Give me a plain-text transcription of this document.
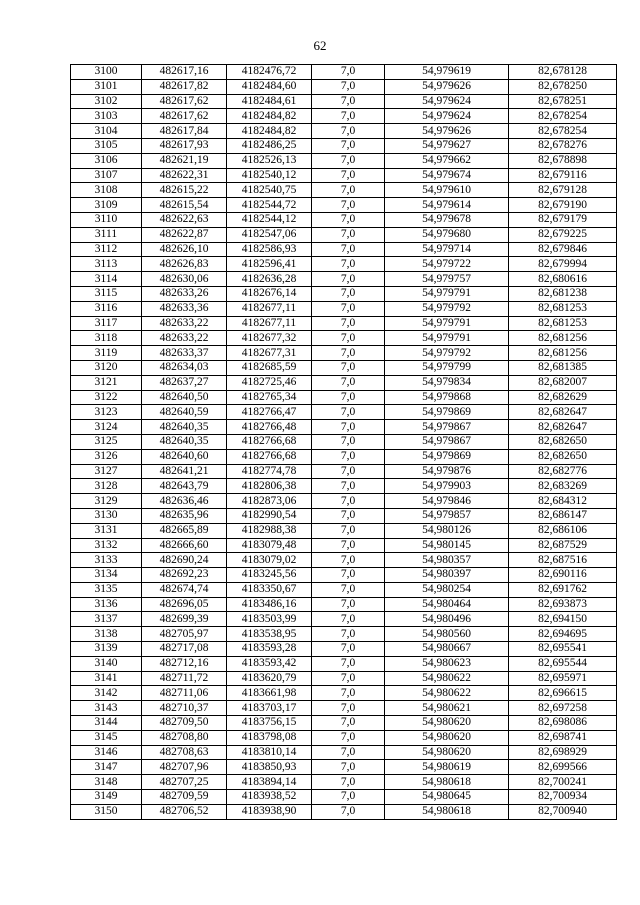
62
3100	482617,16	4182476,72	7,0	54,979619	82,678128
3101	482617,82	4182484,60	7,0	54,979626	82,678250
3102	482617,62	4182484,61	7,0	54,979624	82,678251
3103	482617,62	4182484,82	7,0	54,979624	82,678254
3104	482617,84	4182484,82	7,0	54,979626	82,678254
3105	482617,93	4182486,25	7,0	54,979627	82,678276
3106	482621,19	4182526,13	7,0	54,979662	82,678898
3107	482622,31	4182540,12	7,0	54,979674	82,679116
3108	482615,22	4182540,75	7,0	54,979610	82,679128
3109	482615,54	4182544,72	7,0	54,979614	82,679190
3110	482622,63	4182544,12	7,0	54,979678	82,679179
3111	482622,87	4182547,06	7,0	54,979680	82,679225
3112	482626,10	4182586,93	7,0	54,979714	82,679846
3113	482626,83	4182596,41	7,0	54,979722	82,679994
3114	482630,06	4182636,28	7,0	54,979757	82,680616
3115	482633,26	4182676,14	7,0	54,979791	82,681238
3116	482633,36	4182677,11	7,0	54,979792	82,681253
3117	482633,22	4182677,11	7,0	54,979791	82,681253
3118	482633,22	4182677,32	7,0	54,979791	82,681256
3119	482633,37	4182677,31	7,0	54,979792	82,681256
3120	482634,03	4182685,59	7,0	54,979799	82,681385
3121	482637,27	4182725,46	7,0	54,979834	82,682007
3122	482640,50	4182765,34	7,0	54,979868	82,682629
3123	482640,59	4182766,47	7,0	54,979869	82,682647
3124	482640,35	4182766,48	7,0	54,979867	82,682647
3125	482640,35	4182766,68	7,0	54,979867	82,682650
3126	482640,60	4182766,68	7,0	54,979869	82,682650
3127	482641,21	4182774,78	7,0	54,979876	82,682776
3128	482643,79	4182806,38	7,0	54,979903	82,683269
3129	482636,46	4182873,06	7,0	54,979846	82,684312
3130	482635,96	4182990,54	7,0	54,979857	82,686147
3131	482665,89	4182988,38	7,0	54,980126	82,686106
3132	482666,60	4183079,48	7,0	54,980145	82,687529
3133	482690,24	4183079,02	7,0	54,980357	82,687516
3134	482692,23	4183245,56	7,0	54,980397	82,690116
3135	482674,74	4183350,67	7,0	54,980254	82,691762
3136	482696,05	4183486,16	7,0	54,980464	82,693873
3137	482699,39	4183503,99	7,0	54,980496	82,694150
3138	482705,97	4183538,95	7,0	54,980560	82,694695
3139	482717,08	4183593,28	7,0	54,980667	82,695541
3140	482712,16	4183593,42	7,0	54,980623	82,695544
3141	482711,72	4183620,79	7,0	54,980622	82,695971
3142	482711,06	4183661,98	7,0	54,980622	82,696615
3143	482710,37	4183703,17	7,0	54,980621	82,697258
3144	482709,50	4183756,15	7,0	54,980620	82,698086
3145	482708,80	4183798,08	7,0	54,980620	82,698741
3146	482708,63	4183810,14	7,0	54,980620	82,698929
3147	482707,96	4183850,93	7,0	54,980619	82,699566
3148	482707,25	4183894,14	7,0	54,980618	82,700241
3149	482709,59	4183938,52	7,0	54,980645	82,700934
3150	482706,52	4183938,90	7,0	54,980618	82,700940
